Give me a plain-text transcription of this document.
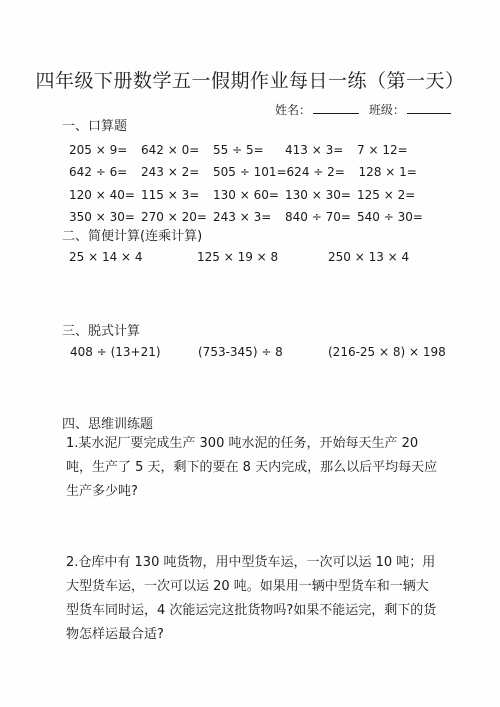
四年级下册数学五一假期作业每日一练（第一天）
姓名：	班级：
一、口算题
205 × 9=	642 × 0=	55 ÷ 5=	413 × 3=	7 × 12=
642 ÷ 6=	243 × 2=	505 ÷ 101= 624 ÷ 2=	128 × 1=
120 × 40= 115 × 3=	130 × 60= 130 × 30= 125 × 2=
350 × 30= 270 × 20= 243 × 3=	840 ÷ 70= 540 ÷ 30=
二、简便计算(连乘计算)
25 × 14 × 4	125 × 19 × 8	250 × 13 × 4
三、脱式计算
408 ÷ (13+21)	(753-345) ÷ 8	(216-25 × 8) × 198
四、思维训练题
1.某水泥厂要完成生产 300 吨水泥的任务，开始每天生产 20 吨，生产了 5 天，剩下的要在 8 天内完成，那么以后平均每天应生产多少吨?
2.仓库中有 130 吨货物，用中型货车运，一次可以运 10 吨；用大型货车运，一次可以运 20 吨。如果用一辆中型货车和一辆大型货车同时运，4 次能运完这批货物吗?如果不能运完，剩下的货物怎样运最合适?
